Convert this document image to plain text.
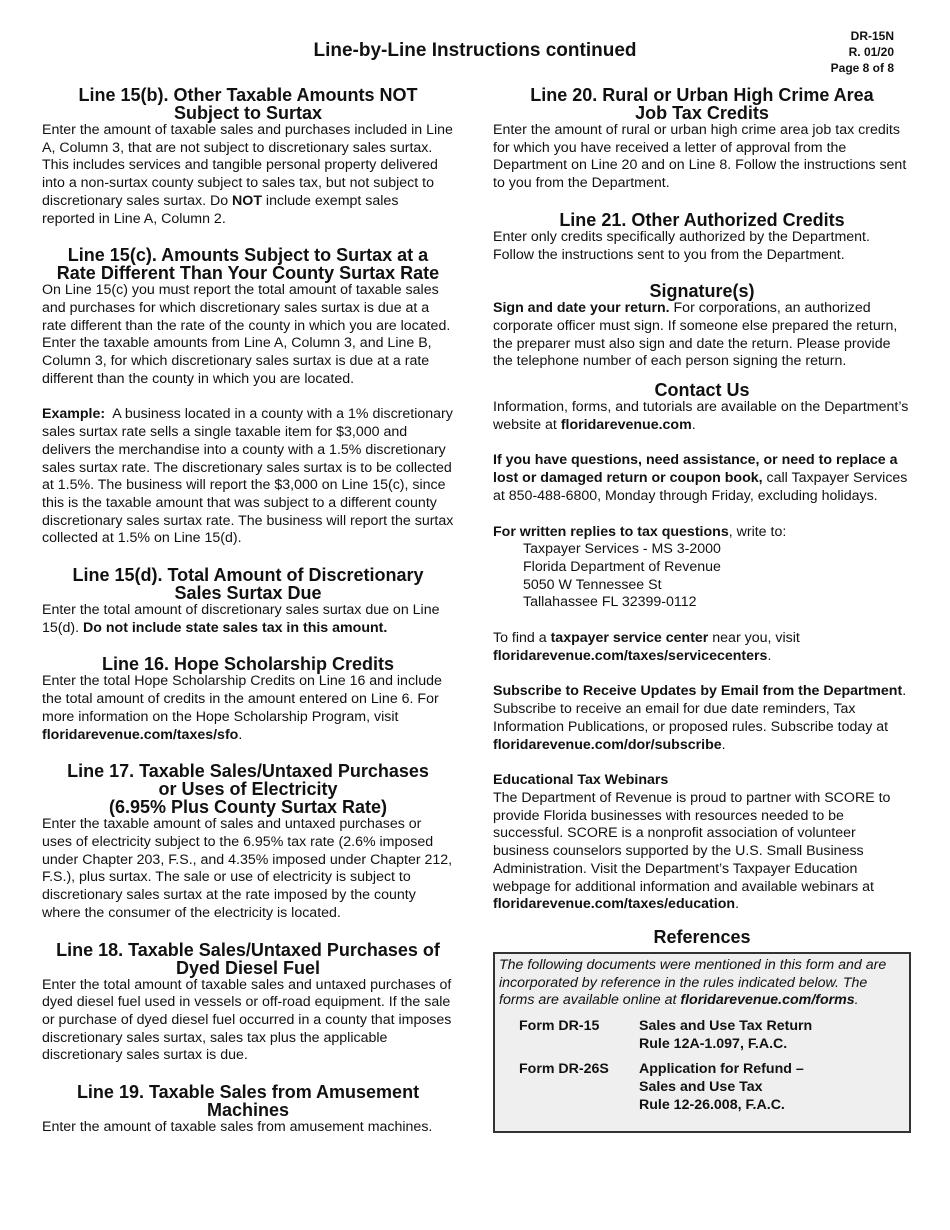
DR-15N
R. 01/20
Page 8 of 8
Line-by-Line Instructions continued
Line 15(b). Other Taxable Amounts NOT
Subject to Surtax

Enter the amount of taxable sales and purchases included in Line A, Column 3, that are not subject to discretionary sales surtax. This includes services and tangible personal property delivered into a non-surtax county subject to sales tax, but not subject to discretionary sales surtax. Do NOT include exempt sales reported in Line A, Column 2.

Line 15(c). Amounts Subject to Surtax at a
Rate Different Than Your County Surtax Rate

On Line 15(c) you must report the total amount of taxable sales and purchases for which discretionary sales surtax is due at a rate different than the rate of the county in which you are located. Enter the taxable amounts from Line A, Column 3, and Line B, Column 3, for which discretionary sales surtax is due at a rate different than the county in which you are located.

Example:  A business located in a county with a 1% discretionary sales surtax rate sells a single taxable item for $3,000 and delivers the merchandise into a county with a 1.5% discretionary sales surtax rate. The discretionary sales surtax is to be collected at 1.5%. The business will report the $3,000 on Line 15(c), since this is the taxable amount that was subject to a different county discretionary sales surtax rate. The business will report the surtax collected at 1.5% on Line 15(d).

Line 15(d). Total Amount of Discretionary
Sales Surtax Due

Enter the total amount of discretionary sales surtax due on Line 15(d). Do not include state sales tax in this amount.

Line 16. Hope Scholarship Credits

Enter the total Hope Scholarship Credits on Line 16 and include the total amount of credits in the amount entered on Line 6. For more information on the Hope Scholarship Program, visit floridarevenue.com/taxes/sfo.

Line 17. Taxable Sales/Untaxed Purchases
or Uses of Electricity
(6.95% Plus County Surtax Rate)

Enter the taxable amount of sales and untaxed purchases or uses of electricity subject to the 6.95% tax rate (2.6% imposed under Chapter 203, F.S., and 4.35% imposed under Chapter 212, F.S.), plus surtax. The sale or use of electricity is subject to discretionary sales surtax at the rate imposed by the county where the consumer of the electricity is located.

Line 18. Taxable Sales/Untaxed Purchases of
Dyed Diesel Fuel

Enter the total amount of taxable sales and untaxed purchases of dyed diesel fuel used in vessels or off-road equipment. If the sale or purchase of dyed diesel fuel occurred in a county that imposes discretionary sales surtax, sales tax plus the applicable discretionary sales surtax is due.

Line 19. Taxable Sales from Amusement
Machines

Enter the amount of taxable sales from amusement machines.

Line 20. Rural or Urban High Crime Area
Job Tax Credits

Enter the amount of rural or urban high crime area job tax credits for which you have received a letter of approval from the Department on Line 20 and on Line 8. Follow the instructions sent to you from the Department.

Line 21. Other Authorized Credits

Enter only credits specifically authorized by the Department. Follow the instructions sent to you from the Department.

Signature(s)

Sign and date your return. For corporations, an authorized corporate officer must sign. If someone else prepared the return, the preparer must also sign and date the return. Please provide the telephone number of each person signing the return.

Contact Us

Information, forms, and tutorials are available on the Department’s website at floridarevenue.com.

If you have questions, need assistance, or need to replace a lost or damaged return or coupon book, call Taxpayer Services at 850-488-6800, Monday through Friday, excluding holidays.

For written replies to tax questions, write to:

Taxpayer Services - MS 3-2000

Florida Department of Revenue

5050 W Tennessee St

Tallahassee FL 32399-0112

To find a taxpayer service center near you, visit floridarevenue.com/taxes/servicecenters.

Subscribe to Receive Updates by Email from the Department. Subscribe to receive an email for due date reminders, Tax Information Publications, or proposed rules. Subscribe today at floridarevenue.com/dor/subscribe.

Educational Tax Webinars

The Department of Revenue is proud to partner with SCORE to provide Florida businesses with resources needed to be successful. SCORE is a nonprofit association of volunteer business counselors supported by the U.S. Small Business Administration. Visit the Department’s Taxpayer Education webpage for additional information and available webinars at floridarevenue.com/taxes/education.

References

The following documents were mentioned in this form and are incorporated by reference in the rules indicated below. The forms are available online at floridarevenue.com/forms.

Form DR-15	Sales and Use Tax Return
Rule 12A-1.097, F.A.C.
Form DR-26S	Application for Refund –
Sales and Use Tax
Rule 12-26.008, F.A.C.
